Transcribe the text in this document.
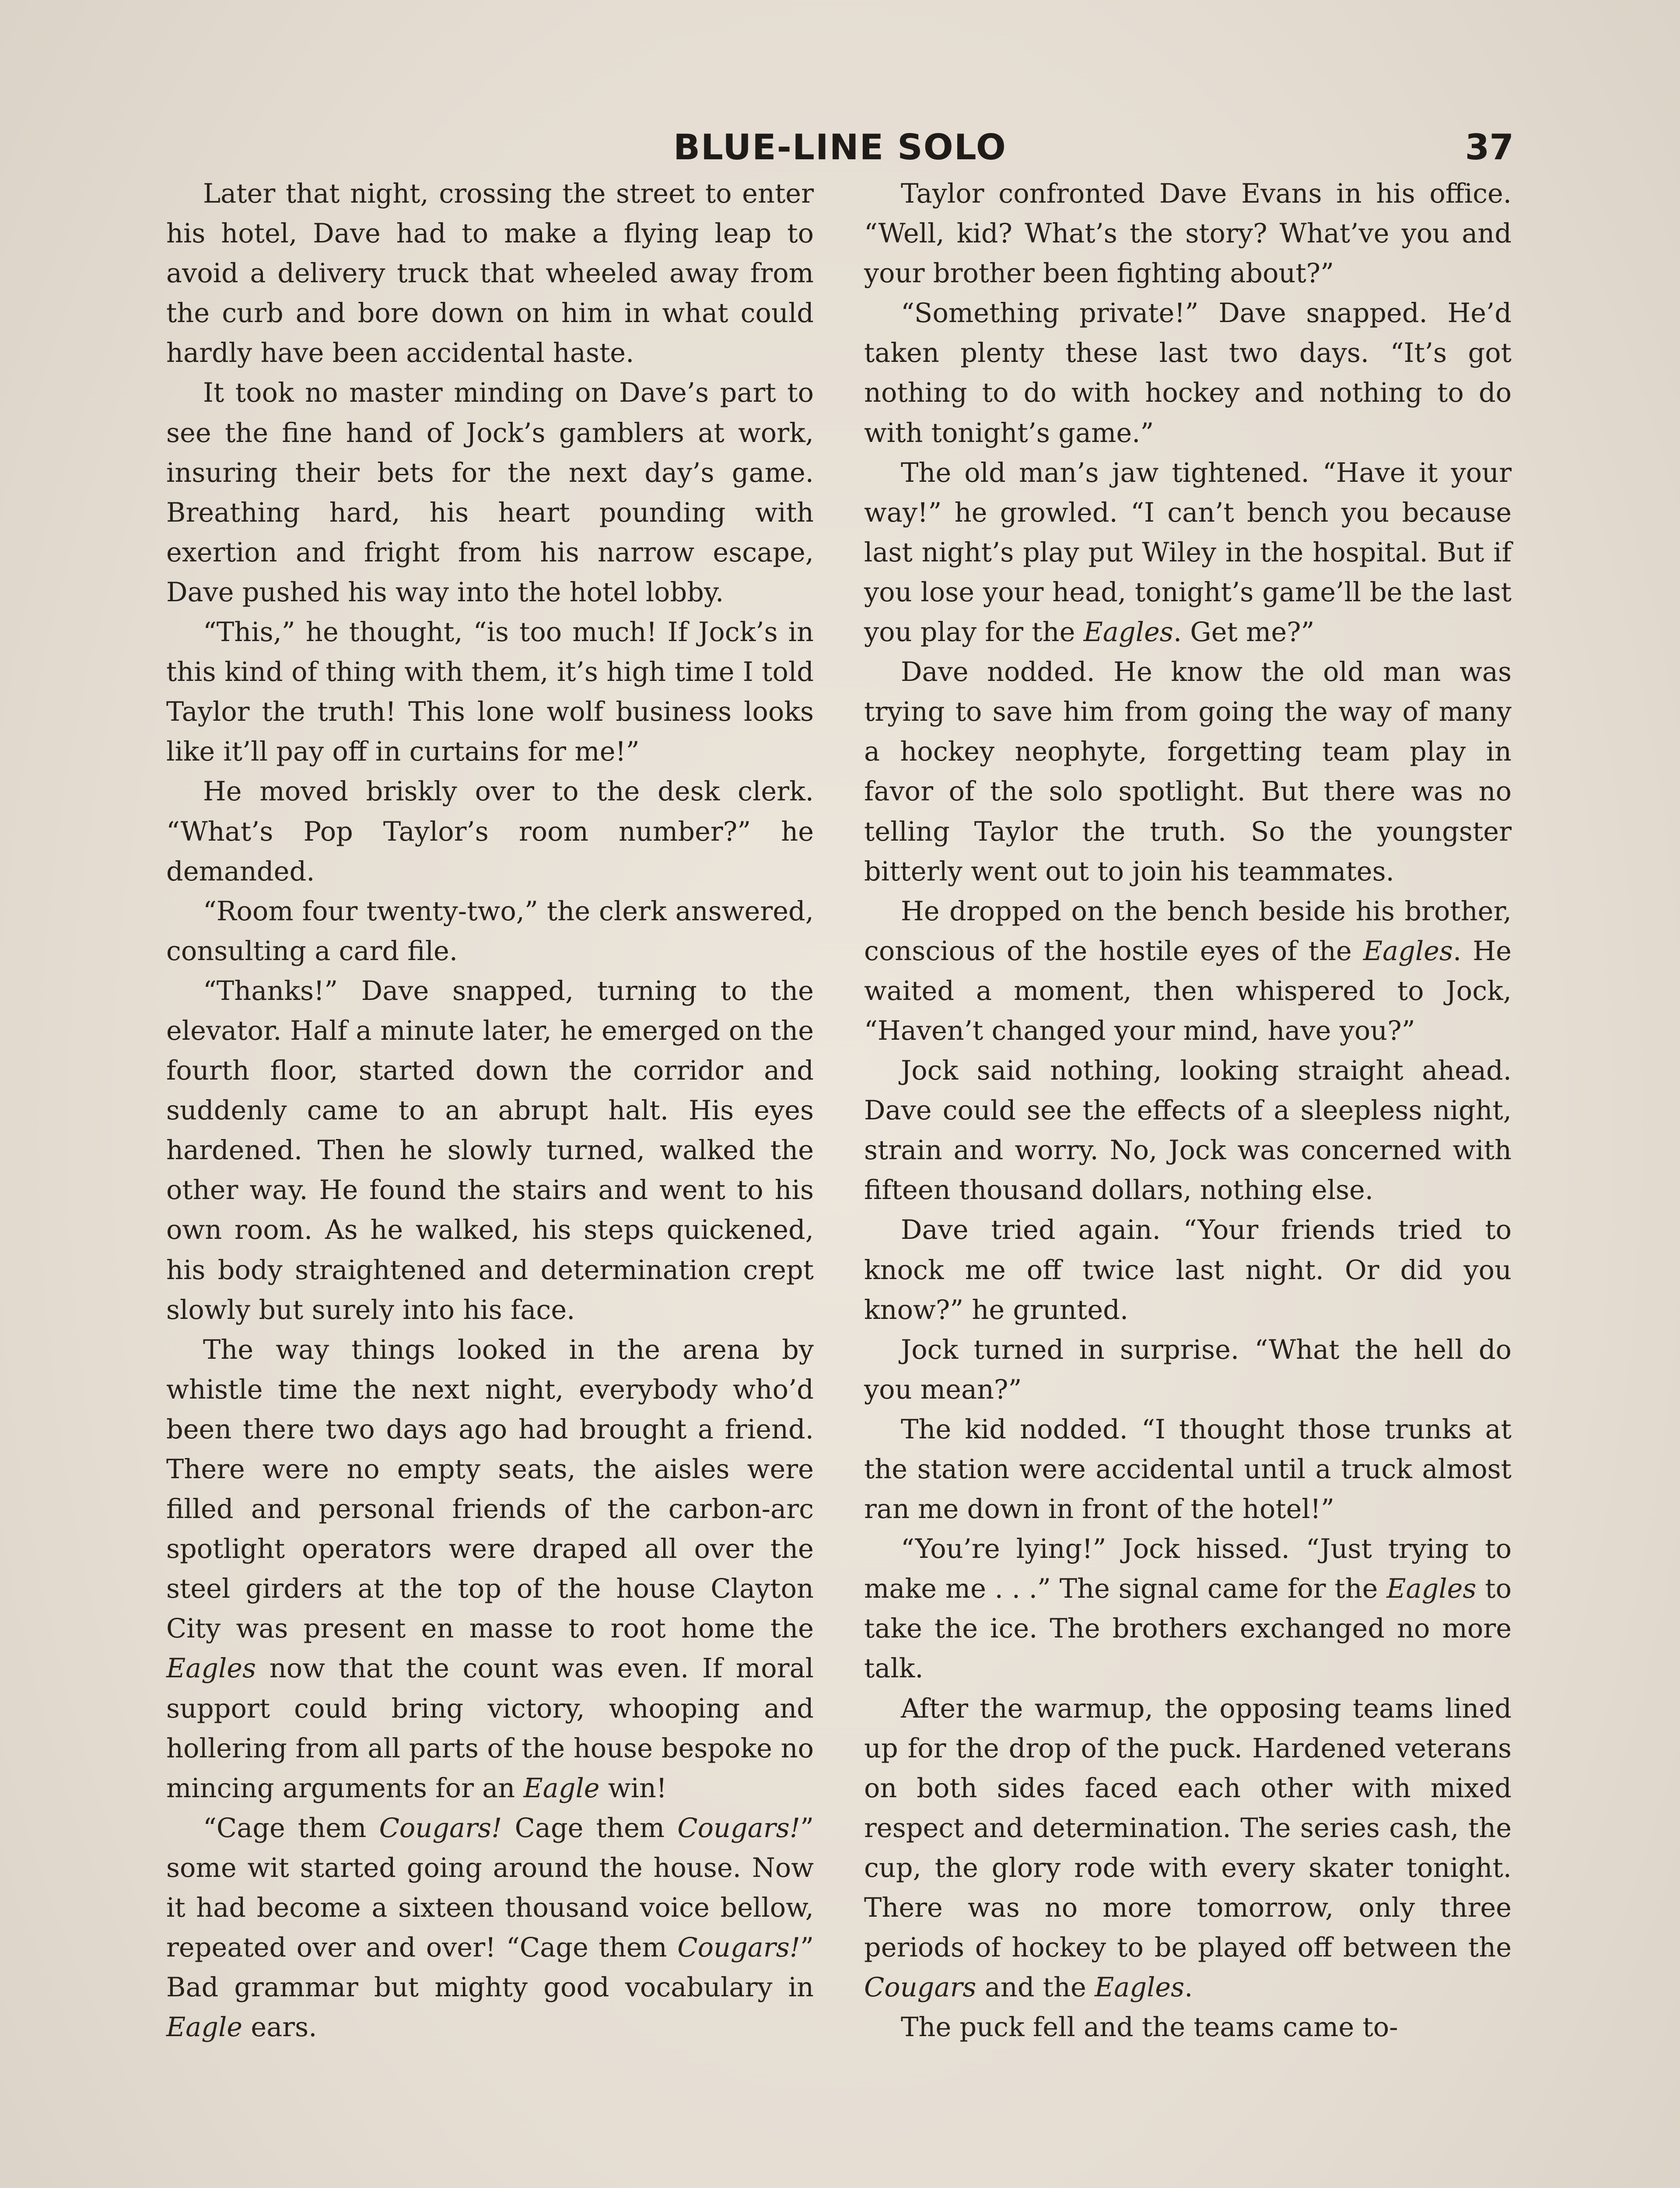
BLUE-LINE SOLO	37

Later that night, crossing the street to enter his hotel, Dave had to make a flying leap to avoid a delivery truck that wheeled away from the curb and bore down on him in what could hardly have been accidental haste.

It took no master minding on Dave’s part to see the fine hand of Jock’s gamblers at work, insuring their bets for the next day’s game. Breathing hard, his heart pounding with exertion and fright from his narrow escape, Dave pushed his way into the hotel lobby.

“This,” he thought, “is too much! If Jock’s in this kind of thing with them, it’s high time I told Taylor the truth! This lone wolf business looks like it’ll pay off in curtains for me!”

He moved briskly over to the desk clerk. “What’s Pop Taylor’s room number?” he demanded.

“Room four twenty-two,” the clerk answered, consulting a card file.

“Thanks!” Dave snapped, turning to the elevator. Half a minute later, he emerged on the fourth floor, started down the corridor and suddenly came to an abrupt halt. His eyes hardened. Then he slowly turned, walked the other way. He found the stairs and went to his own room. As he walked, his steps quickened, his body straightened and determination crept slowly but surely into his face.

The way things looked in the arena by whistle time the next night, everybody who’d been there two days ago had brought a friend. There were no empty seats, the aisles were filled and personal friends of the carbon-arc spotlight operators were draped all over the steel girders at the top of the house Clayton City was present en masse to root home the Eagles now that the count was even. If moral support could bring victory, whooping and hollering from all parts of the house bespoke no mincing arguments for an Eagle win!

“Cage them Cougars! Cage them Cougars!” some wit started going around the house. Now it had become a sixteen thousand voice bellow, repeated over and over! “Cage them Cougars!” Bad grammar but mighty good vocabulary in Eagle ears.

Taylor confronted Dave Evans in his office. “Well, kid? What’s the story? What’ve you and your brother been fighting about?”

“Something private!” Dave snapped. He’d taken plenty these last two days. “It’s got nothing to do with hockey and nothing to do with tonight’s game.”

The old man’s jaw tightened. “Have it your way!” he growled. “I can’t bench you because last night’s play put Wiley in the hospital. But if you lose your head, tonight’s game’ll be the last you play for the Eagles. Get me?”

Dave nodded. He know the old man was trying to save him from going the way of many a hockey neophyte, forgetting team play in favor of the solo spotlight. But there was no telling Taylor the truth. So the youngster bitterly went out to join his teammates.

He dropped on the bench beside his brother, conscious of the hostile eyes of the Eagles. He waited a moment, then whispered to Jock, “Haven’t changed your mind, have you?”

Jock said nothing, looking straight ahead. Dave could see the effects of a sleepless night, strain and worry. No, Jock was concerned with fifteen thousand dollars, nothing else.

Dave tried again. “Your friends tried to knock me off twice last night. Or did you know?” he grunted.

Jock turned in surprise. “What the hell do you mean?”

The kid nodded. “I thought those trunks at the station were accidental until a truck almost ran me down in front of the hotel!”

“You’re lying!” Jock hissed. “Just trying to make me . . .” The signal came for the Eagles to take the ice. The brothers exchanged no more talk.

After the warmup, the opposing teams lined up for the drop of the puck. Hardened veterans on both sides faced each other with mixed respect and determination. The series cash, the cup, the glory rode with every skater tonight. There was no more tomorrow, only three periods of hockey to be played off between the Cougars and the Eagles.

The puck fell and the teams came to-
